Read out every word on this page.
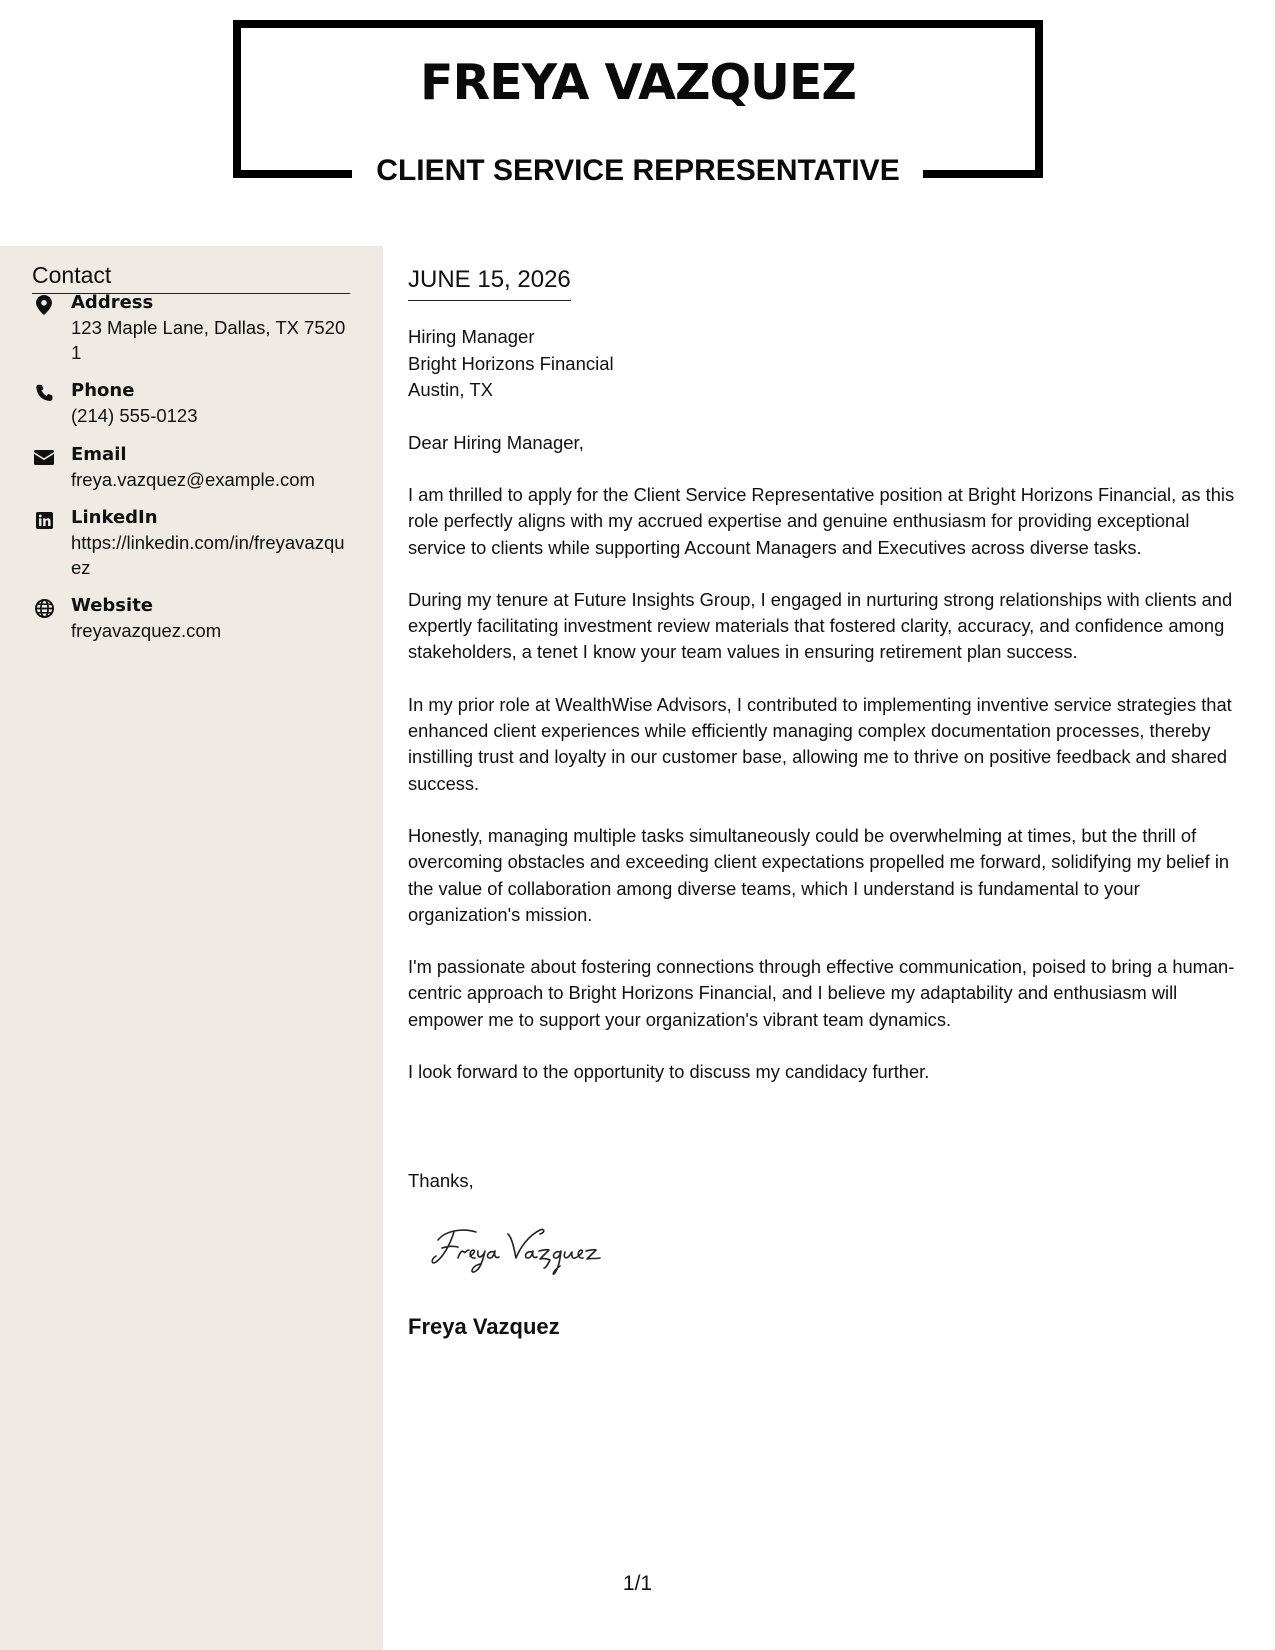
FREYA VAZQUEZ
CLIENT SERVICE REPRESENTATIVE
Contact
Address
123 Maple Lane, Dallas, TX 75201
Phone
(214) 555-0123
Email
freya.vazquez@example.com
LinkedIn
https://linkedin.com/in/freyavazquez
Website
freyavazquez.com
JUNE 15, 2026
Hiring Manager
Bright Horizons Financial
Austin, TX
Dear Hiring Manager,

I am thrilled to apply for the Client Service Representative position at Bright Horizons Financial, as this role perfectly aligns with my accrued expertise and genuine enthusiasm for providing exceptional service to clients while supporting Account Managers and Executives across diverse tasks.

During my tenure at Future Insights Group, I engaged in nurturing strong relationships with clients and expertly facilitating investment review materials that fostered clarity, accuracy, and confidence among stakeholders, a tenet I know your team values in ensuring retirement plan success.

In my prior role at WealthWise Advisors, I contributed to implementing inventive service strategies that enhanced client experiences while efficiently managing complex documentation processes, thereby instilling trust and loyalty in our customer base, allowing me to thrive on positive feedback and shared success.

Honestly, managing multiple tasks simultaneously could be overwhelming at times, but the thrill of overcoming obstacles and exceeding client expectations propelled me forward, solidifying my belief in the value of collaboration among diverse teams, which I understand is fundamental to your organization's mission.

I'm passionate about fostering connections through effective communication, poised to bring a human-centric approach to Bright Horizons Financial, and I believe my adaptability and enthusiasm will empower me to support your organization's vibrant team dynamics.

I look forward to the opportunity to discuss my candidacy further.

Thanks,
Freya Vazquez
Freya Vazquez
1/1
